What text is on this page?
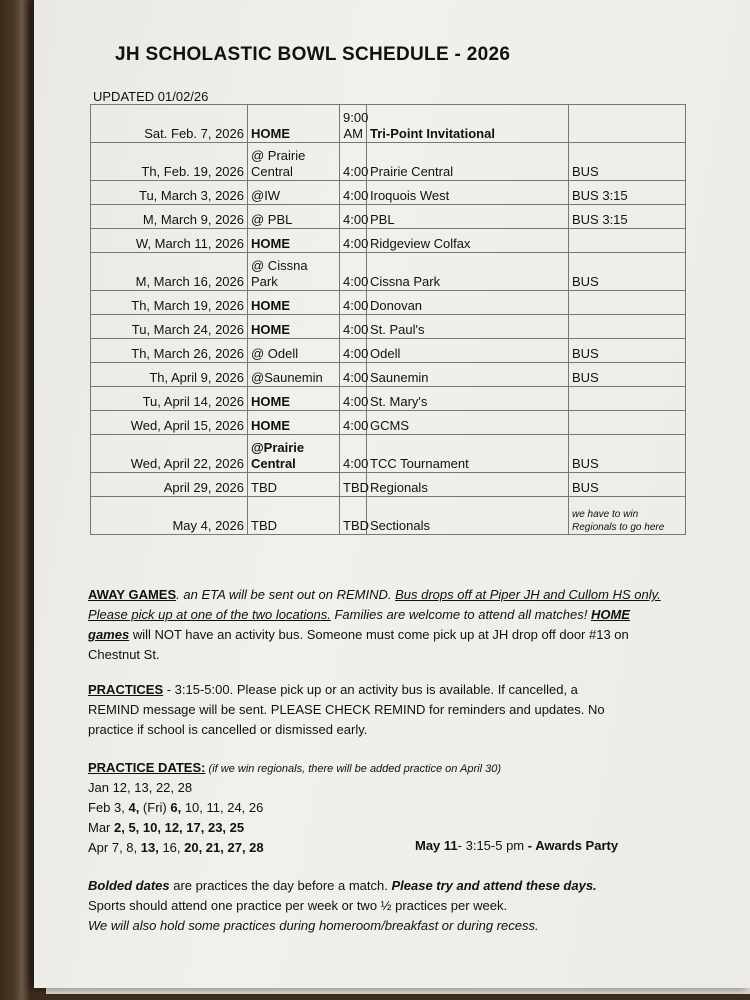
JH SCHOLASTIC BOWL SCHEDULE - 2026
UPDATED 01/02/26
Sat. Feb. 7, 2026	HOME	9:00 AM	Tri-Point Invitational	
Th, Feb. 19, 2026	@ Prairie Central	4:00	Prairie Central	BUS
Tu, March 3, 2026	@IW	4:00	Iroquois West	BUS 3:15
M, March 9, 2026	@ PBL	4:00	PBL	BUS 3:15
W, March 11, 2026	HOME	4:00	Ridgeview Colfax	
M, March 16, 2026	@ Cissna Park	4:00	Cissna Park	BUS
Th, March 19, 2026	HOME	4:00	Donovan	
Tu, March 24, 2026	HOME	4:00	St. Paul's	
Th, March 26, 2026	@ Odell	4:00	Odell	BUS
Th, April 9, 2026	@Saunemin	4:00	Saunemin	BUS
Tu, April 14, 2026	HOME	4:00	St. Mary's	
Wed, April 15, 2026	HOME	4:00	GCMS	
Wed, April 22, 2026	@Prairie Central	4:00	TCC Tournament	BUS
April 29, 2026	TBD	TBD	Regionals	BUS
May 4, 2026	TBD	TBD	Sectionals	we have to win Regionals to go here
AWAY GAMES. an ETA will be sent out on REMIND. Bus drops off at Piper JH and Cullom HS only. Please pick up at one of the two locations. Families are welcome to attend all matches! HOME games will NOT have an activity bus. Someone must come pick up at JH drop off door #13 on Chestnut St.
PRACTICES - 3:15-5:00. Please pick up or an activity bus is available. If cancelled, a
REMIND message will be sent. PLEASE CHECK REMIND for reminders and updates. No
practice if school is cancelled or dismissed early.
PRACTICE DATES: (if we win regionals, there will be added practice on April 30)
Jan 12, 13, 22, 28
Feb 3, 4, (Fri) 6, 10, 11, 24, 26
Mar 2, 5, 10, 12, 17, 23, 25
Apr 7, 8, 13, 16, 20, 21, 27, 28	May 11- 3:15-5 pm - Awards Party
Bolded dates are practices the day before a match. Please try and attend these days.
Sports should attend one practice per week or two ½ practices per week.
We will also hold some practices during homeroom/breakfast or during recess.
